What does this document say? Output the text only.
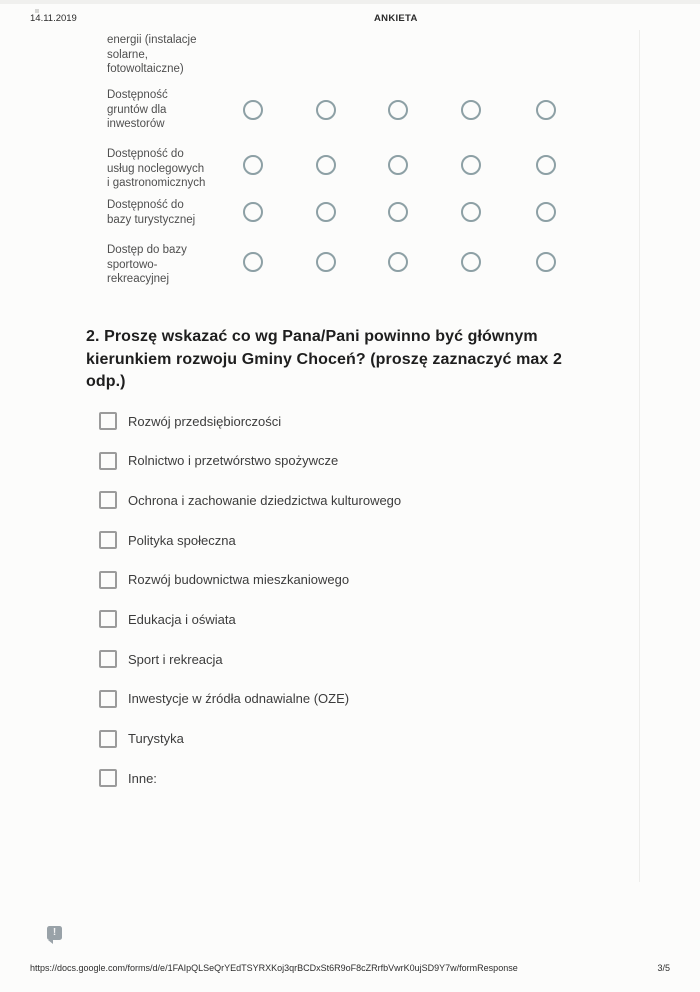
14.11.2019	ANKIETA
energii (instalacje
solarne,
fotowoltaiczne)
Dostępność
gruntów dla
inwestorów
Dostępność do
usług noclegowych
i gastronomicznych
Dostępność do
bazy turystycznej
Dostęp do bazy
sportowo-
rekreacyjnej
2. Proszę wskazać co wg Pana/Pani powinno być głównym
kierunkiem rozwoju Gminy Choceń? (proszę zaznaczyć max 2
odp.)
Rozwój przedsiębiorczości
Rolnictwo i przetwórstwo spożywcze
Ochrona i zachowanie dziedzictwa kulturowego
Polityka społeczna
Rozwój budownictwa mieszkaniowego
Edukacja i oświata
Sport i rekreacja
Inwestycje w źródła odnawialne (OZE)
Turystyka
Inne:
!
https://docs.google.com/forms/d/e/1FAIpQLSeQrYEdTSYRXKoj3qrBCDxSt6R9oF8cZRrfbVwrK0ujSD9Y7w/formResponse	3/5
